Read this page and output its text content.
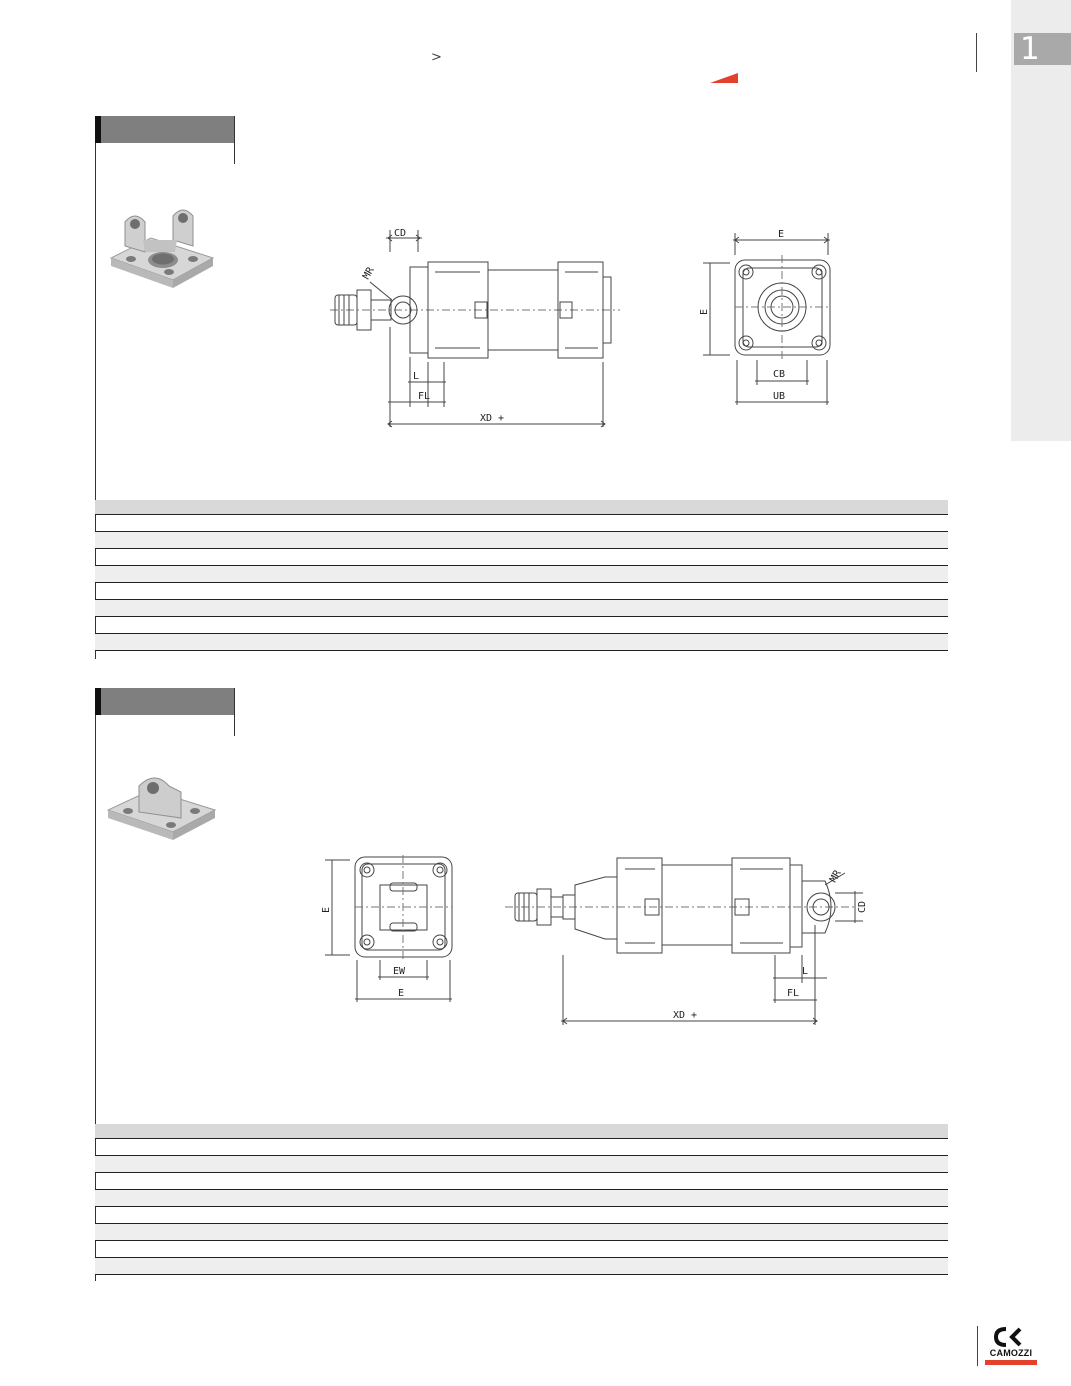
>	1
CD
MR
L
FL
XD +
E
E
CB
UB
E
EW
E
MR
CD
L
FL
XD +
CAMOZZI
